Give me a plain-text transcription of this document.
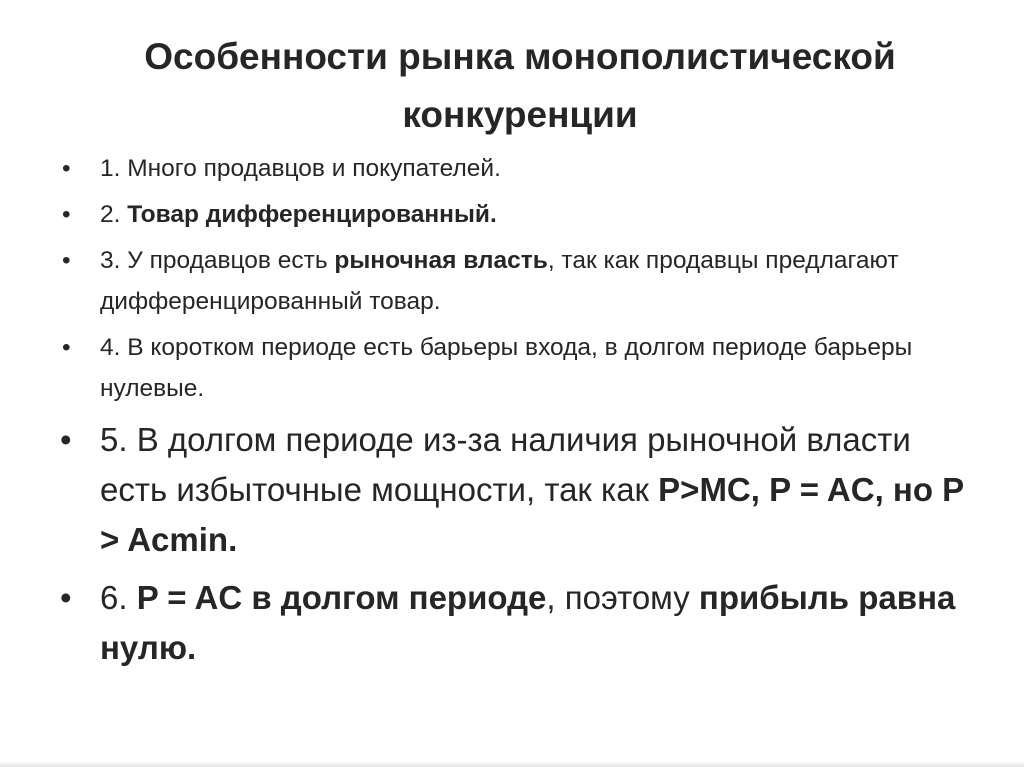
Особенности рынка монополистической
конкуренции
• 1. Много продавцов и покупателей.
• 2. Товар дифференцированный.
• 3. У продавцов есть рыночная власть, так как продавцы предлагают дифференцированный товар.
• 4. В коротком периоде есть барьеры входа, в долгом периоде барьеры нулевые.
• 5. В долгом периоде из-за наличия рыночной власти есть избыточные мощности, так как P>MC, P = AC, но P > Acmin.
• 6. P = AC в долгом периоде, поэтому прибыль равна нулю.
